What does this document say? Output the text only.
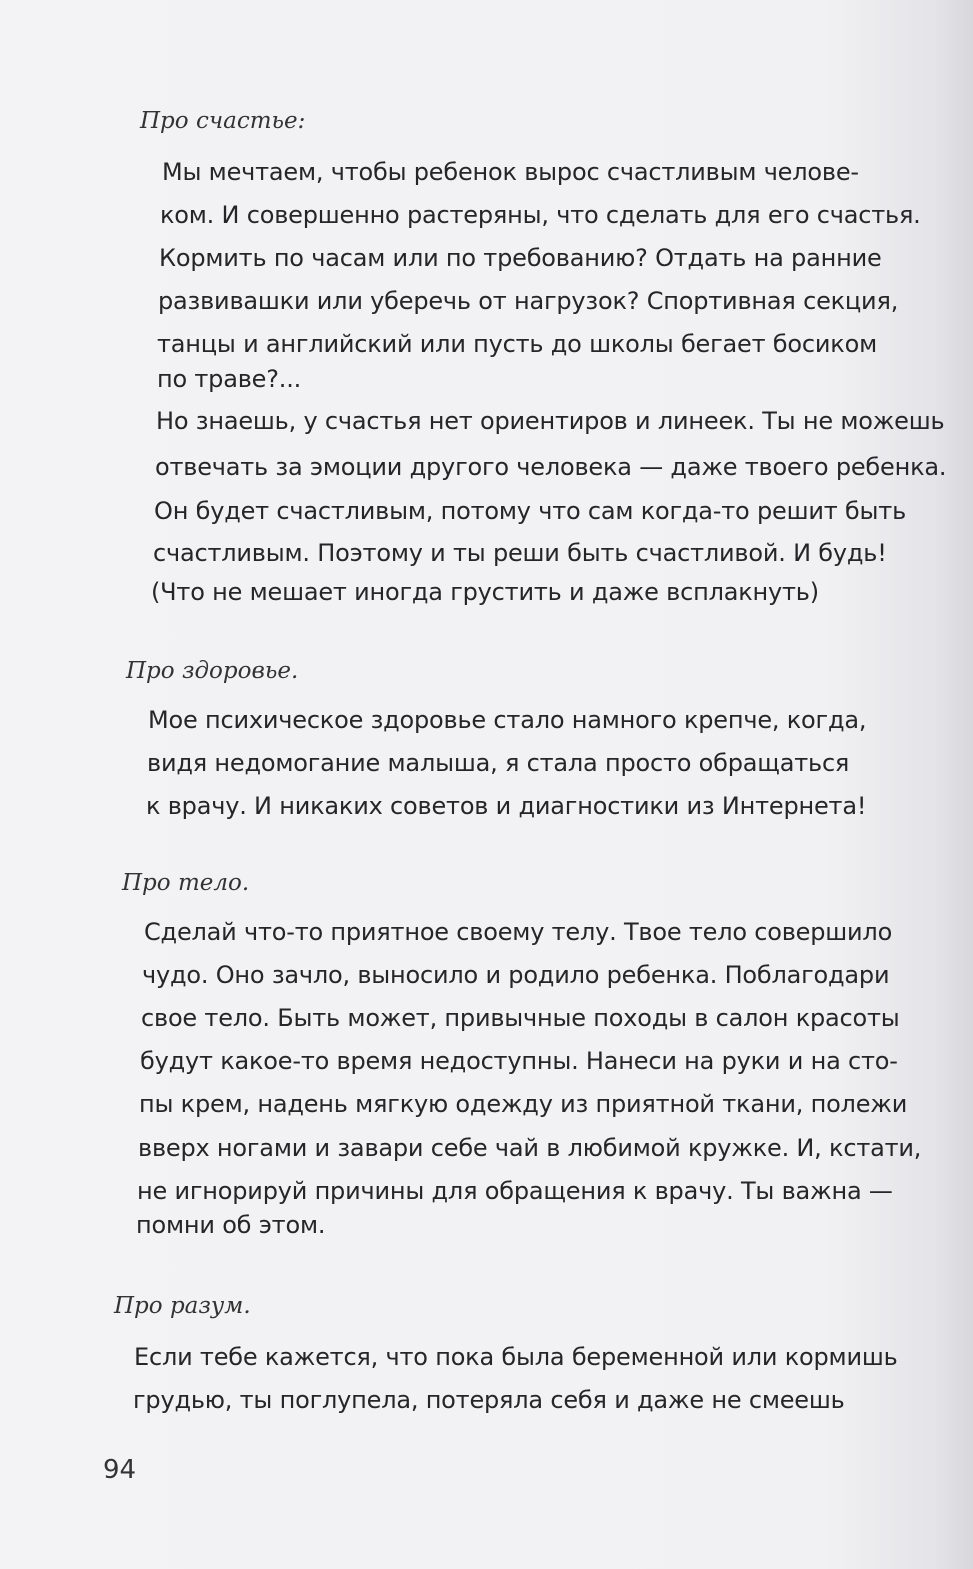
Про счастье:
Мы мечтаем, чтобы ребенок вырос счастливым челове-
ком. И совершенно растеряны, что сделать для его счастья.
Кормить по часам или по требованию? Отдать на ранние
развивашки или уберечь от нагрузок? Спортивная секция,
танцы и английский или пусть до школы бегает босиком
по траве?...
Но знаешь, у счастья нет ориентиров и линеек. Ты не можешь
отвечать за эмоции другого человека — даже твоего ребенка.
Он будет счастливым, потому что сам когда-то решит быть
счастливым. Поэтому и ты реши быть счастливой. И будь!
(Что не мешает иногда грустить и даже всплакнуть)
Про здоровье.
Мое психическое здоровье стало намного крепче, когда,
видя недомогание малыша, я стала просто обращаться
к врачу. И никаких советов и диагностики из Интернета!
Про тело.
Сделай что-то приятное своему телу. Твое тело совершило
чудо. Оно зачло, выносило и родило ребенка. Поблагодари
свое тело. Быть может, привычные походы в салон красоты
будут какое-то время недоступны. Нанеси на руки и на сто-
пы крем, надень мягкую одежду из приятной ткани, полежи
вверх ногами и завари себе чай в любимой кружке. И, кстати,
не игнорируй причины для обращения к врачу. Ты важна —
помни об этом.
Про разум.
Если тебе кажется, что пока была беременной или кормишь
грудью, ты поглупела, потеряла себя и даже не смеешь
94
